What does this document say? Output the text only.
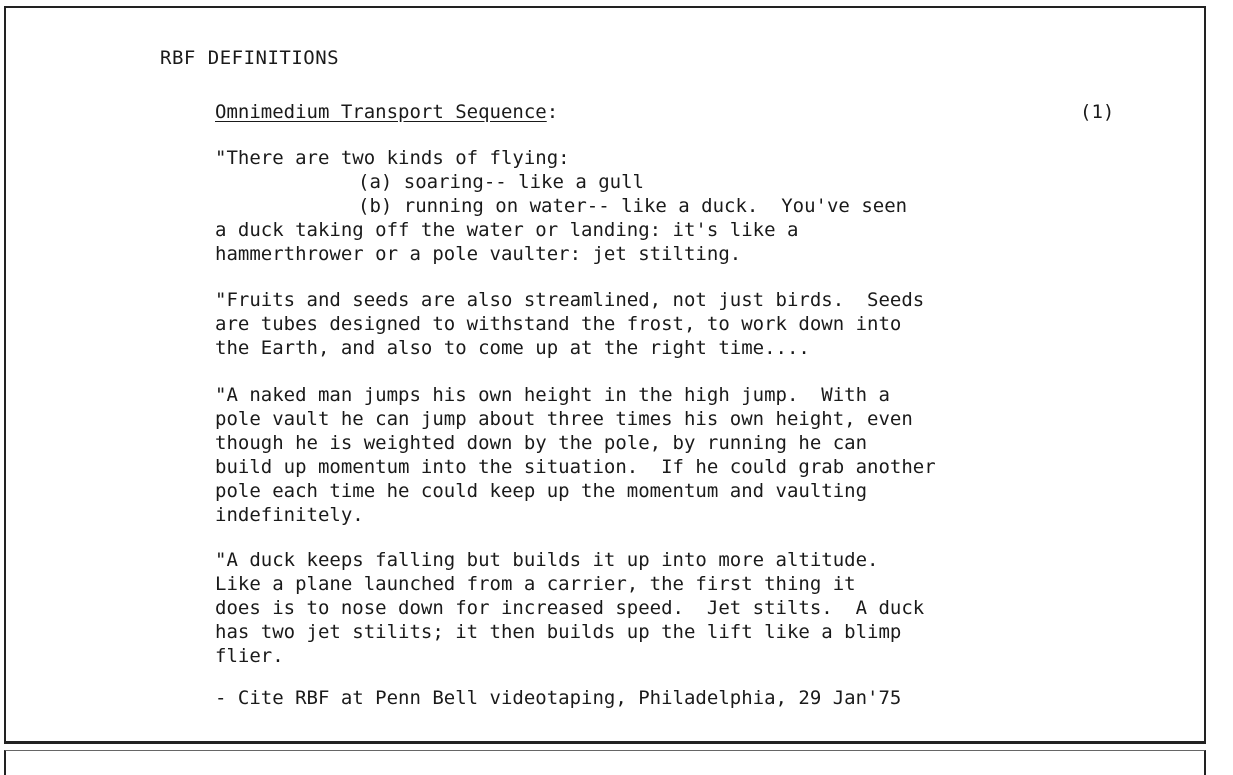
RBF DEFINITIONS
Omnimedium Transport Sequence:	(1)
"There are two kinds of flying:
(a) soaring-- like a gull
(b) running on water-- like a duck.  You've seen
a duck taking off the water or landing: it's like a
hammerthrower or a pole vaulter: jet stilting.
"Fruits and seeds are also streamlined, not just birds.  Seeds
are tubes designed to withstand the frost, to work down into
the Earth, and also to come up at the right time....
"A naked man jumps his own height in the high jump.  With a
pole vault he can jump about three times his own height, even
though he is weighted down by the pole, by running he can
build up momentum into the situation.  If he could grab another
pole each time he could keep up the momentum and vaulting
indefinitely.
"A duck keeps falling but builds it up into more altitude.
Like a plane launched from a carrier, the first thing it
does is to nose down for increased speed.  Jet stilts.  A duck
has two jet stilits; it then builds up the lift like a blimp
flier.
- Cite RBF at Penn Bell videotaping, Philadelphia, 29 Jan'75
